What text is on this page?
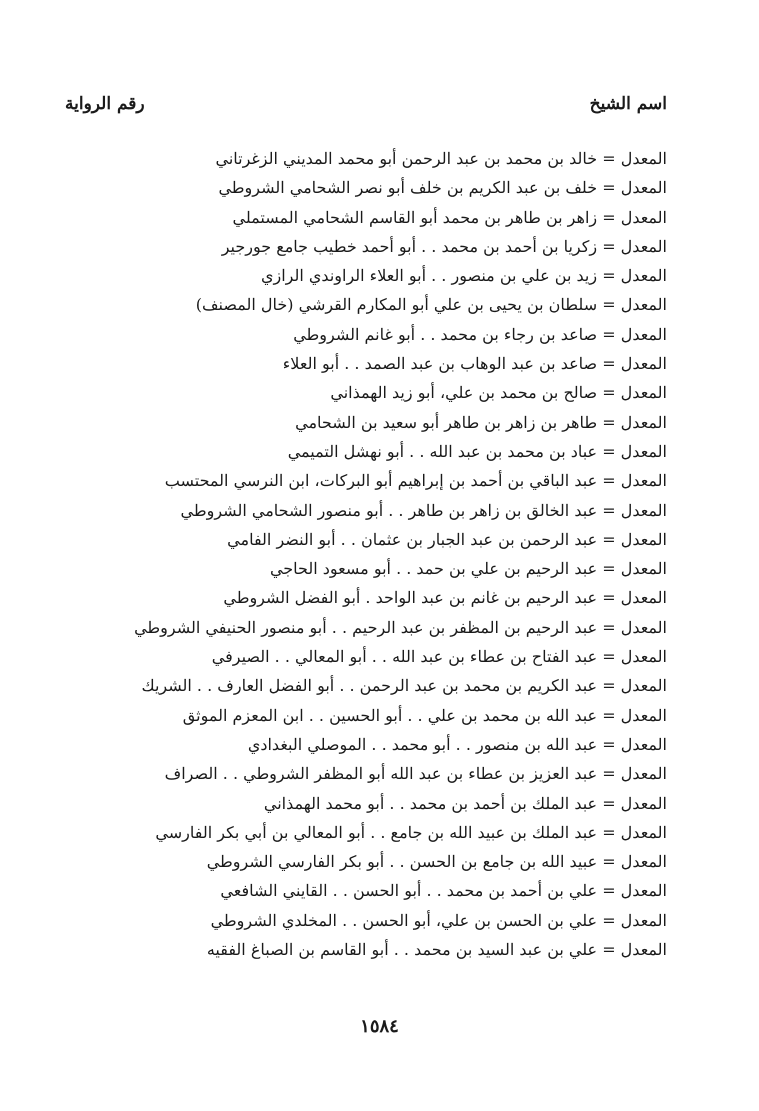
اسم الشيخ
رقم الرواية
المعدل = خالد بن محمد بن عبد الرحمن أبو محمد المديني الزغرتاني
المعدل = خلف بن عبد الكريم بن خلف أبو نصر الشحامي الشروطي
المعدل = زاهر بن طاهر بن محمد أبو القاسم الشحامي المستملي
المعدل = زكريا بن أحمد بن محمد . . أبو أحمد خطيب جامع جورجير
المعدل = زيد بن علي بن منصور . . أبو العلاء الراوندي الرازي
المعدل = سلطان بن يحيى بن علي أبو المكارم القرشي (خال المصنف)
المعدل = صاعد بن رجاء بن محمد . . أبو غانم الشروطي
المعدل = صاعد بن عبد الوهاب بن عبد الصمد . . أبو العلاء
المعدل = صالح بن محمد بن علي، أبو زيد الهمذاني
المعدل = طاهر بن زاهر بن طاهر أبو سعيد بن الشحامي
المعدل = عباد بن محمد بن عبد الله . . أبو نهشل التميمي
المعدل = عبد الباقي بن أحمد بن إبراهيم أبو البركات، ابن النرسي المحتسب
المعدل = عبد الخالق بن زاهر بن طاهر . . أبو منصور الشحامي الشروطي
المعدل = عبد الرحمن بن عبد الجبار بن عثمان . . أبو النضر الفامي
المعدل = عبد الرحيم بن علي بن حمد . . أبو مسعود الحاجي
المعدل = عبد الرحيم بن غانم بن عبد الواحد . أبو الفضل الشروطي
المعدل = عبد الرحيم بن المظفر بن عبد الرحيم . . أبو منصور الحنيفي الشروطي
المعدل = عبد الفتاح بن عطاء بن عبد الله . . أبو المعالي . . الصيرفي
المعدل = عبد الكريم بن محمد بن عبد الرحمن . . أبو الفضل العارف . . الشريك
المعدل = عبد الله بن محمد بن علي . . أبو الحسين . . ابن المعزم الموثق
المعدل = عبد الله بن منصور . . أبو محمد . . الموصلي البغدادي
المعدل = عبد العزيز بن عطاء بن عبد الله أبو المظفر الشروطي . . الصراف
المعدل = عبد الملك بن أحمد بن محمد . . أبو محمد الهمذاني
المعدل = عبد الملك بن عبيد الله بن جامع . . أبو المعالي بن أبي بكر الفارسي
المعدل = عبيد الله بن جامع بن الحسن . . أبو بكر الفارسي الشروطي
المعدل = علي بن أحمد بن محمد . . أبو الحسن . . القايني الشافعي
المعدل = علي بن الحسن بن علي، أبو الحسن . . المخلدي الشروطي
المعدل = علي بن عبد السيد بن محمد . . أبو القاسم بن الصباغ الفقيه
١٥٨٤
